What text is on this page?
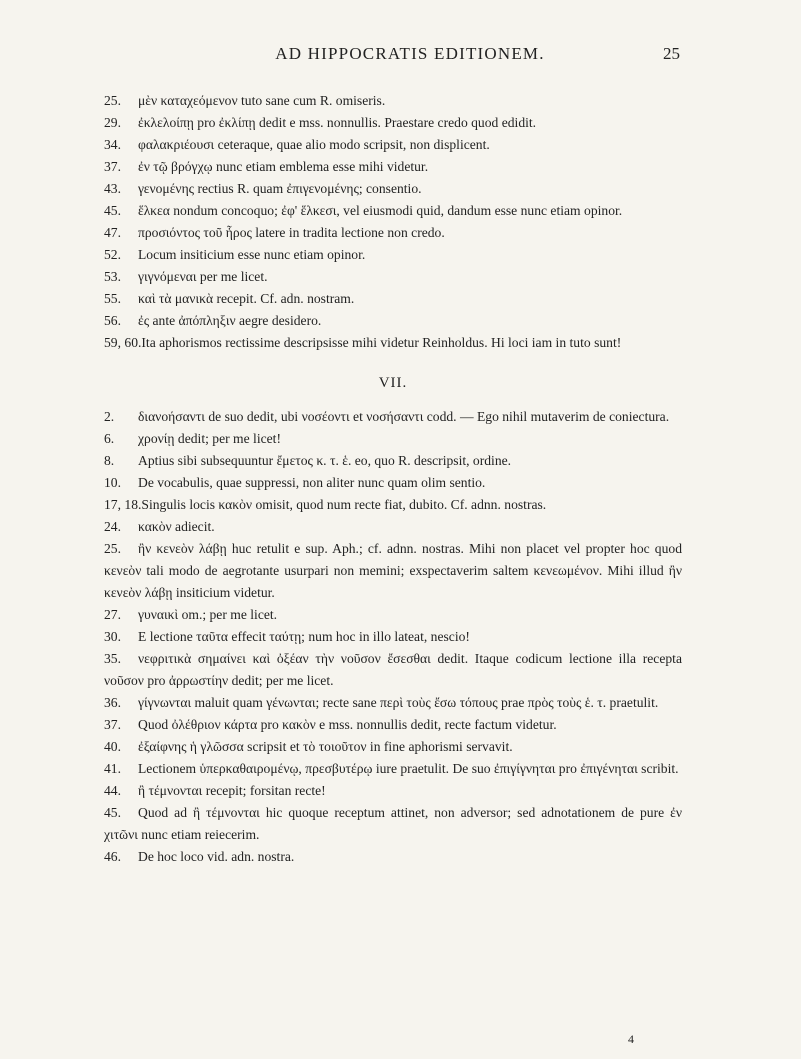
AD HIPPOCRATIS EDITIONEM.	25

25. μὲν καταχεόμενον tuto sane cum R. omiseris.

29. ἐκλελοίπῃ pro ἐκλίπῃ dedit e mss. nonnullis. Praestare credo quod edidit.

34. φαλακριέουσι ceteraque, quae alio modo scripsit, non displicent.

37. ἐν τῷ βρόγχῳ nunc etiam emblema esse mihi videtur.

43. γενομένης rectius R. quam ἐπιγενομένης; consentio.

45. ἕλκεα nondum concoquo; ἐφ' ἕλκεσι, vel eiusmodi quid, dandum esse nunc etiam opinor.

47. προσιόντος τοῦ ἦρος latere in tradita lectione non credo.

52. Locum insiticium esse nunc etiam opinor.

53. γιγνόμεναι per me licet.

55. καὶ τὰ μανικὰ recepit. Cf. adn. nostram.

56. ἐς ante ἀπόπληξιν aegre desidero.

59, 60.Ita aphorismos rectissime descripsisse mihi videtur Reinholdus. Hi loci iam in tuto sunt!

VII.

2. διανοήσαντι de suo dedit, ubi νοσέοντι et νοσήσαντι codd. — Ego nihil mutaverim de coniectura.

6. χρονίῃ dedit; per me licet!

8. Aptius sibi subsequuntur ἔμετος κ. τ. ἑ. eo, quo R. descripsit, ordine.

10. De vocabulis, quae suppressi, non aliter nunc quam olim sentio.

17, 18.Singulis locis κακὸν omisit, quod num recte fiat, dubito. Cf. adnn. nostras.

24. κακὸν adiecit.

25. ἢν κενεὸν λάβῃ huc retulit e sup. Aph.; cf. adnn. nostras. Mihi non placet vel propter hoc quod κενεὸν tali modo de aegrotante usurpari non memini; exspectaverim saltem κενεωμένον. Mihi illud ἢν κενεὸν λάβῃ insiticium videtur.

27. γυναικὶ om.; per me licet.

30. E lectione ταῦτα effecit ταύτῃ; num hoc in illo lateat, nescio!

35. νεφριτικὰ σημαίνει καὶ ὀξέαν τὴν νοῦσον ἔσεσθαι dedit. Itaque codicum lectione illa recepta νοῦσον pro ἀρρωστίην dedit; per me licet.

36. γίγνωνται maluit quam γένωνται; recte sane περὶ τοὺς ἔσω τόπους prae πρὸς τοὺς ἑ. τ. praetulit.

37. Quod ὀλέθριον κάρτα pro κακὸν e mss. nonnullis dedit, recte factum videtur.

40. ἐξαίφνης ἡ γλῶσσα scripsit et τὸ τοιοῦτον in fine aphorismi servavit.

41. Lectionem ὑπερκαθαιρομένῳ, πρεσβυτέρῳ iure praetulit. De suo ἐπιγίγνηται pro ἐπιγένηται scribit.

44. ἢ τέμνονται recepit; forsitan recte!

45. Quod ad ἢ τέμνονται hic quoque receptum attinet, non adversor; sed adnotationem de pure ἐν χιτῶνι nunc etiam reiecerim.

46. De hoc loco vid. adn. nostra.

4
